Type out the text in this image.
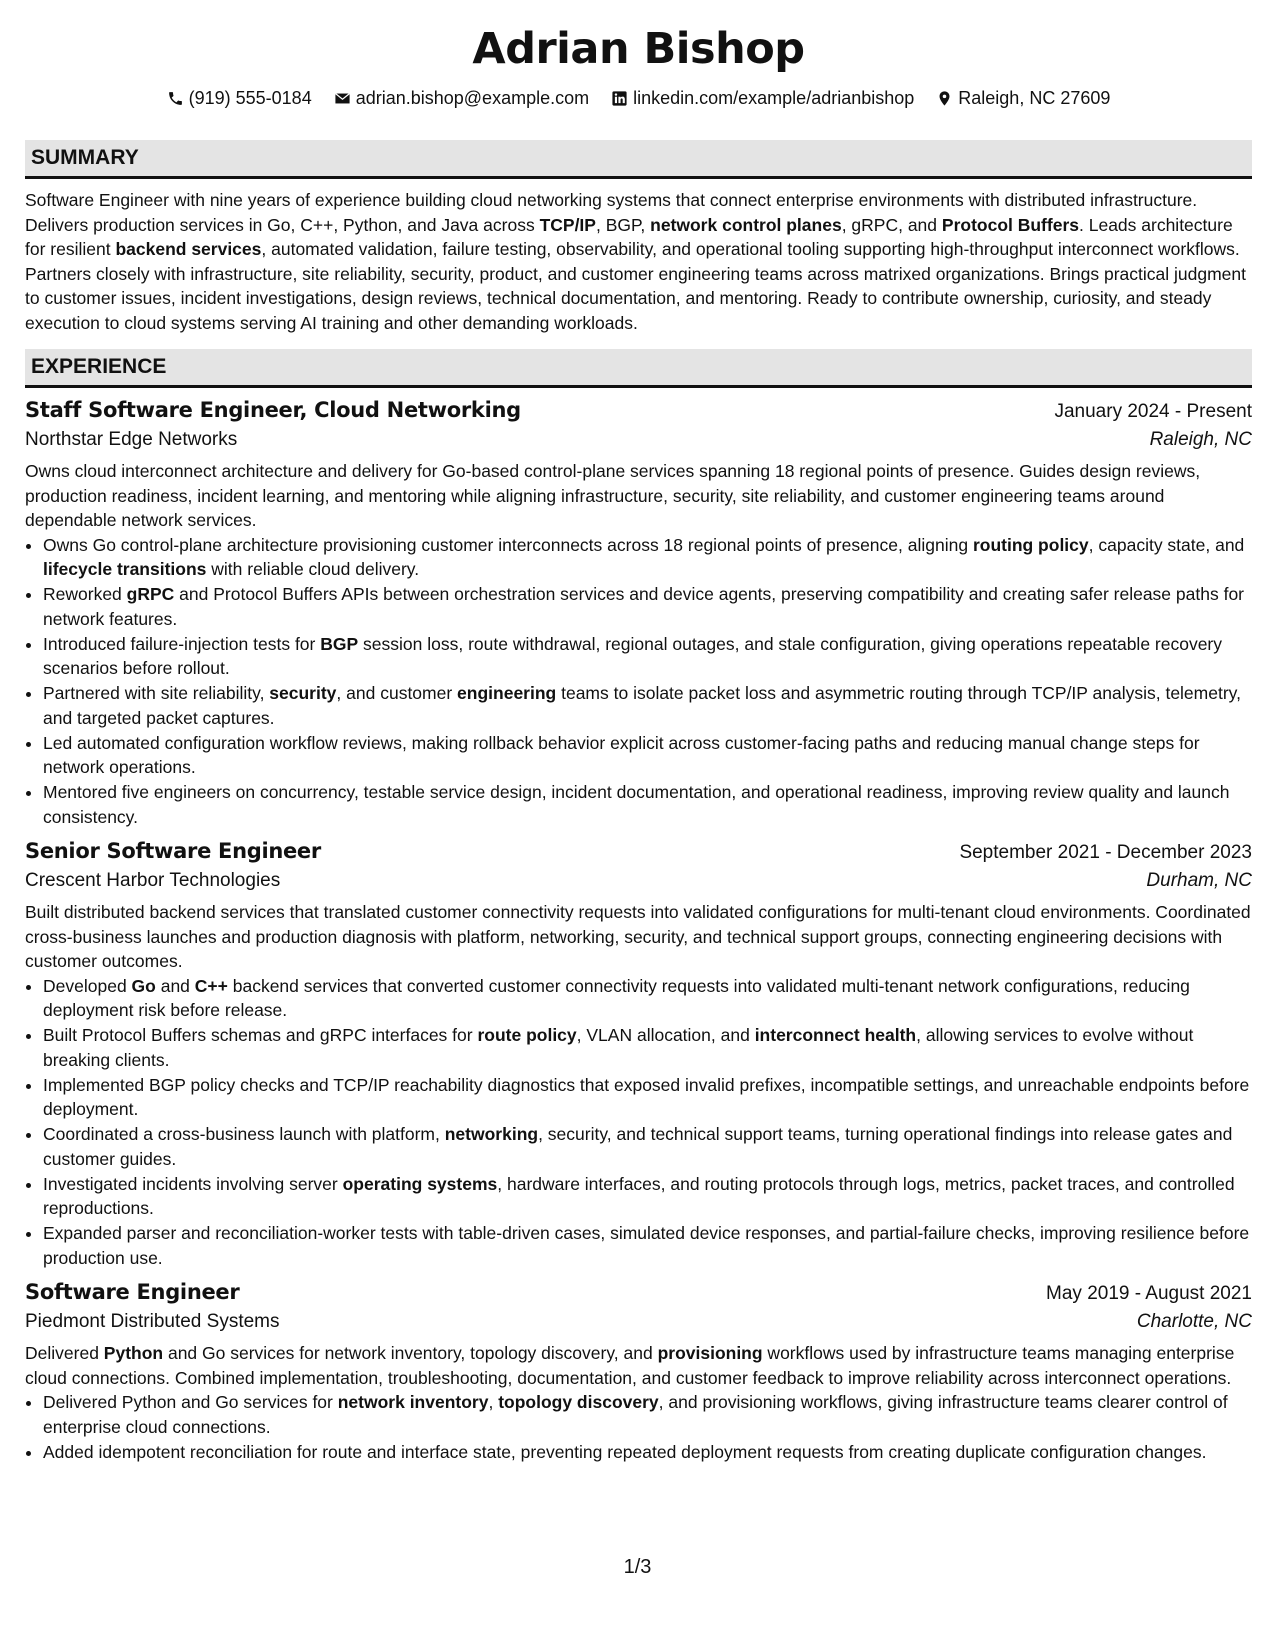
Adrian Bishop
(919) 555-0184 adrian.bishop@example.com linkedin.com/example/adrianbishop Raleigh, NC 27609
SUMMARY
Software Engineer with nine years of experience building cloud networking systems that connect enterprise environments with distributed infrastructure. Delivers production services in Go, C++, Python, and Java across TCP/IP, BGP, network control planes, gRPC, and Protocol Buffers. Leads architecture for resilient backend services, automated validation, failure testing, observability, and operational tooling supporting high-throughput interconnect workflows. Partners closely with infrastructure, site reliability, security, product, and customer engineering teams across matrixed organizations. Brings practical judgment to customer issues, incident investigations, design reviews, technical documentation, and mentoring. Ready to contribute ownership, curiosity, and steady execution to cloud systems serving AI training and other demanding workloads.
EXPERIENCE
Staff Software Engineer, Cloud Networking	January 2024 - Present
Northstar Edge Networks	Raleigh, NC
Owns cloud interconnect architecture and delivery for Go-based control-plane services spanning 18 regional points of presence. Guides design reviews, production readiness, incident learning, and mentoring while aligning infrastructure, security, site reliability, and customer engineering teams around dependable network services.
• Owns Go control-plane architecture provisioning customer interconnects across 18 regional points of presence, aligning routing policy, capacity state, and lifecycle transitions with reliable cloud delivery.
• Reworked gRPC and Protocol Buffers APIs between orchestration services and device agents, preserving compatibility and creating safer release paths for network features.
• Introduced failure-injection tests for BGP session loss, route withdrawal, regional outages, and stale configuration, giving operations repeatable recovery scenarios before rollout.
• Partnered with site reliability, security, and customer engineering teams to isolate packet loss and asymmetric routing through TCP/IP analysis, telemetry, and targeted packet captures.
• Led automated configuration workflow reviews, making rollback behavior explicit across customer-facing paths and reducing manual change steps for network operations.
• Mentored five engineers on concurrency, testable service design, incident documentation, and operational readiness, improving review quality and launch consistency.
Senior Software Engineer	September 2021 - December 2023
Crescent Harbor Technologies	Durham, NC
Built distributed backend services that translated customer connectivity requests into validated configurations for multi-tenant cloud environments. Coordinated cross-business launches and production diagnosis with platform, networking, security, and technical support groups, connecting engineering decisions with customer outcomes.
• Developed Go and C++ backend services that converted customer connectivity requests into validated multi-tenant network configurations, reducing deployment risk before release.
• Built Protocol Buffers schemas and gRPC interfaces for route policy, VLAN allocation, and interconnect health, allowing services to evolve without breaking clients.
• Implemented BGP policy checks and TCP/IP reachability diagnostics that exposed invalid prefixes, incompatible settings, and unreachable endpoints before deployment.
• Coordinated a cross-business launch with platform, networking, security, and technical support teams, turning operational findings into release gates and customer guides.
• Investigated incidents involving server operating systems, hardware interfaces, and routing protocols through logs, metrics, packet traces, and controlled reproductions.
• Expanded parser and reconciliation-worker tests with table-driven cases, simulated device responses, and partial-failure checks, improving resilience before production use.
Software Engineer	May 2019 - August 2021
Piedmont Distributed Systems	Charlotte, NC
Delivered Python and Go services for network inventory, topology discovery, and provisioning workflows used by infrastructure teams managing enterprise cloud connections. Combined implementation, troubleshooting, documentation, and customer feedback to improve reliability across interconnect operations.
• Delivered Python and Go services for network inventory, topology discovery, and provisioning workflows, giving infrastructure teams clearer control of enterprise cloud connections.
• Added idempotent reconciliation for route and interface state, preventing repeated deployment requests from creating duplicate configuration changes.
1/3
